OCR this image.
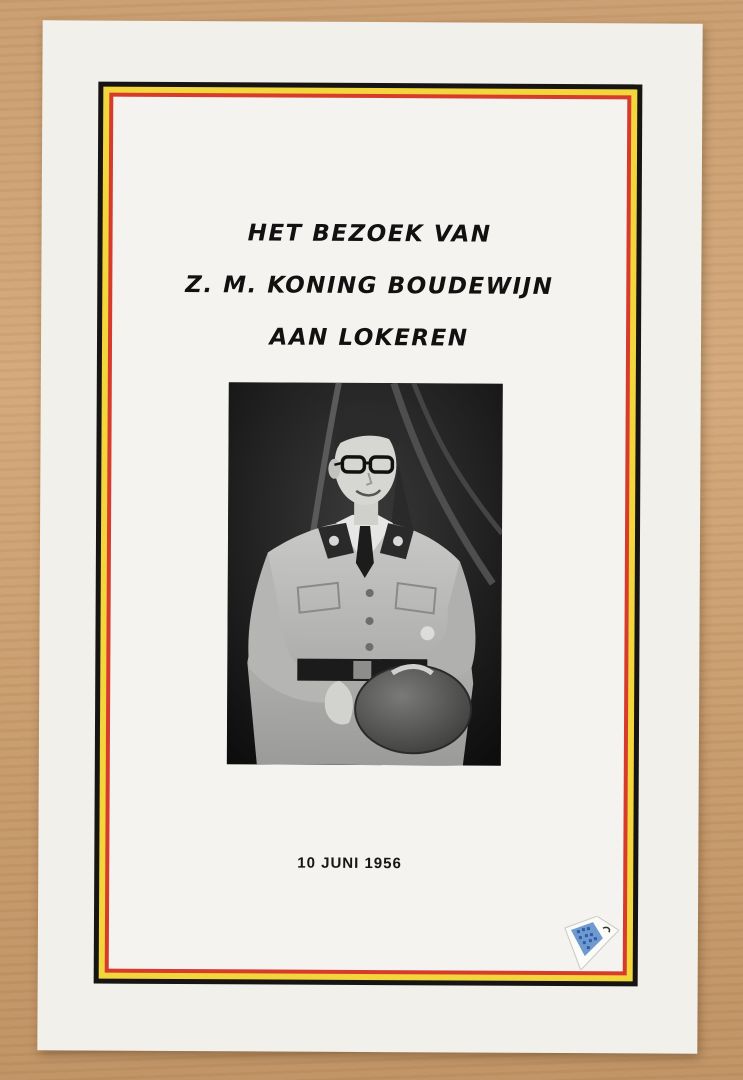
HET BEZOEK VAN
Z. M. KONING BOUDEWIJN
AAN LOKEREN
10 JUNI 1956
